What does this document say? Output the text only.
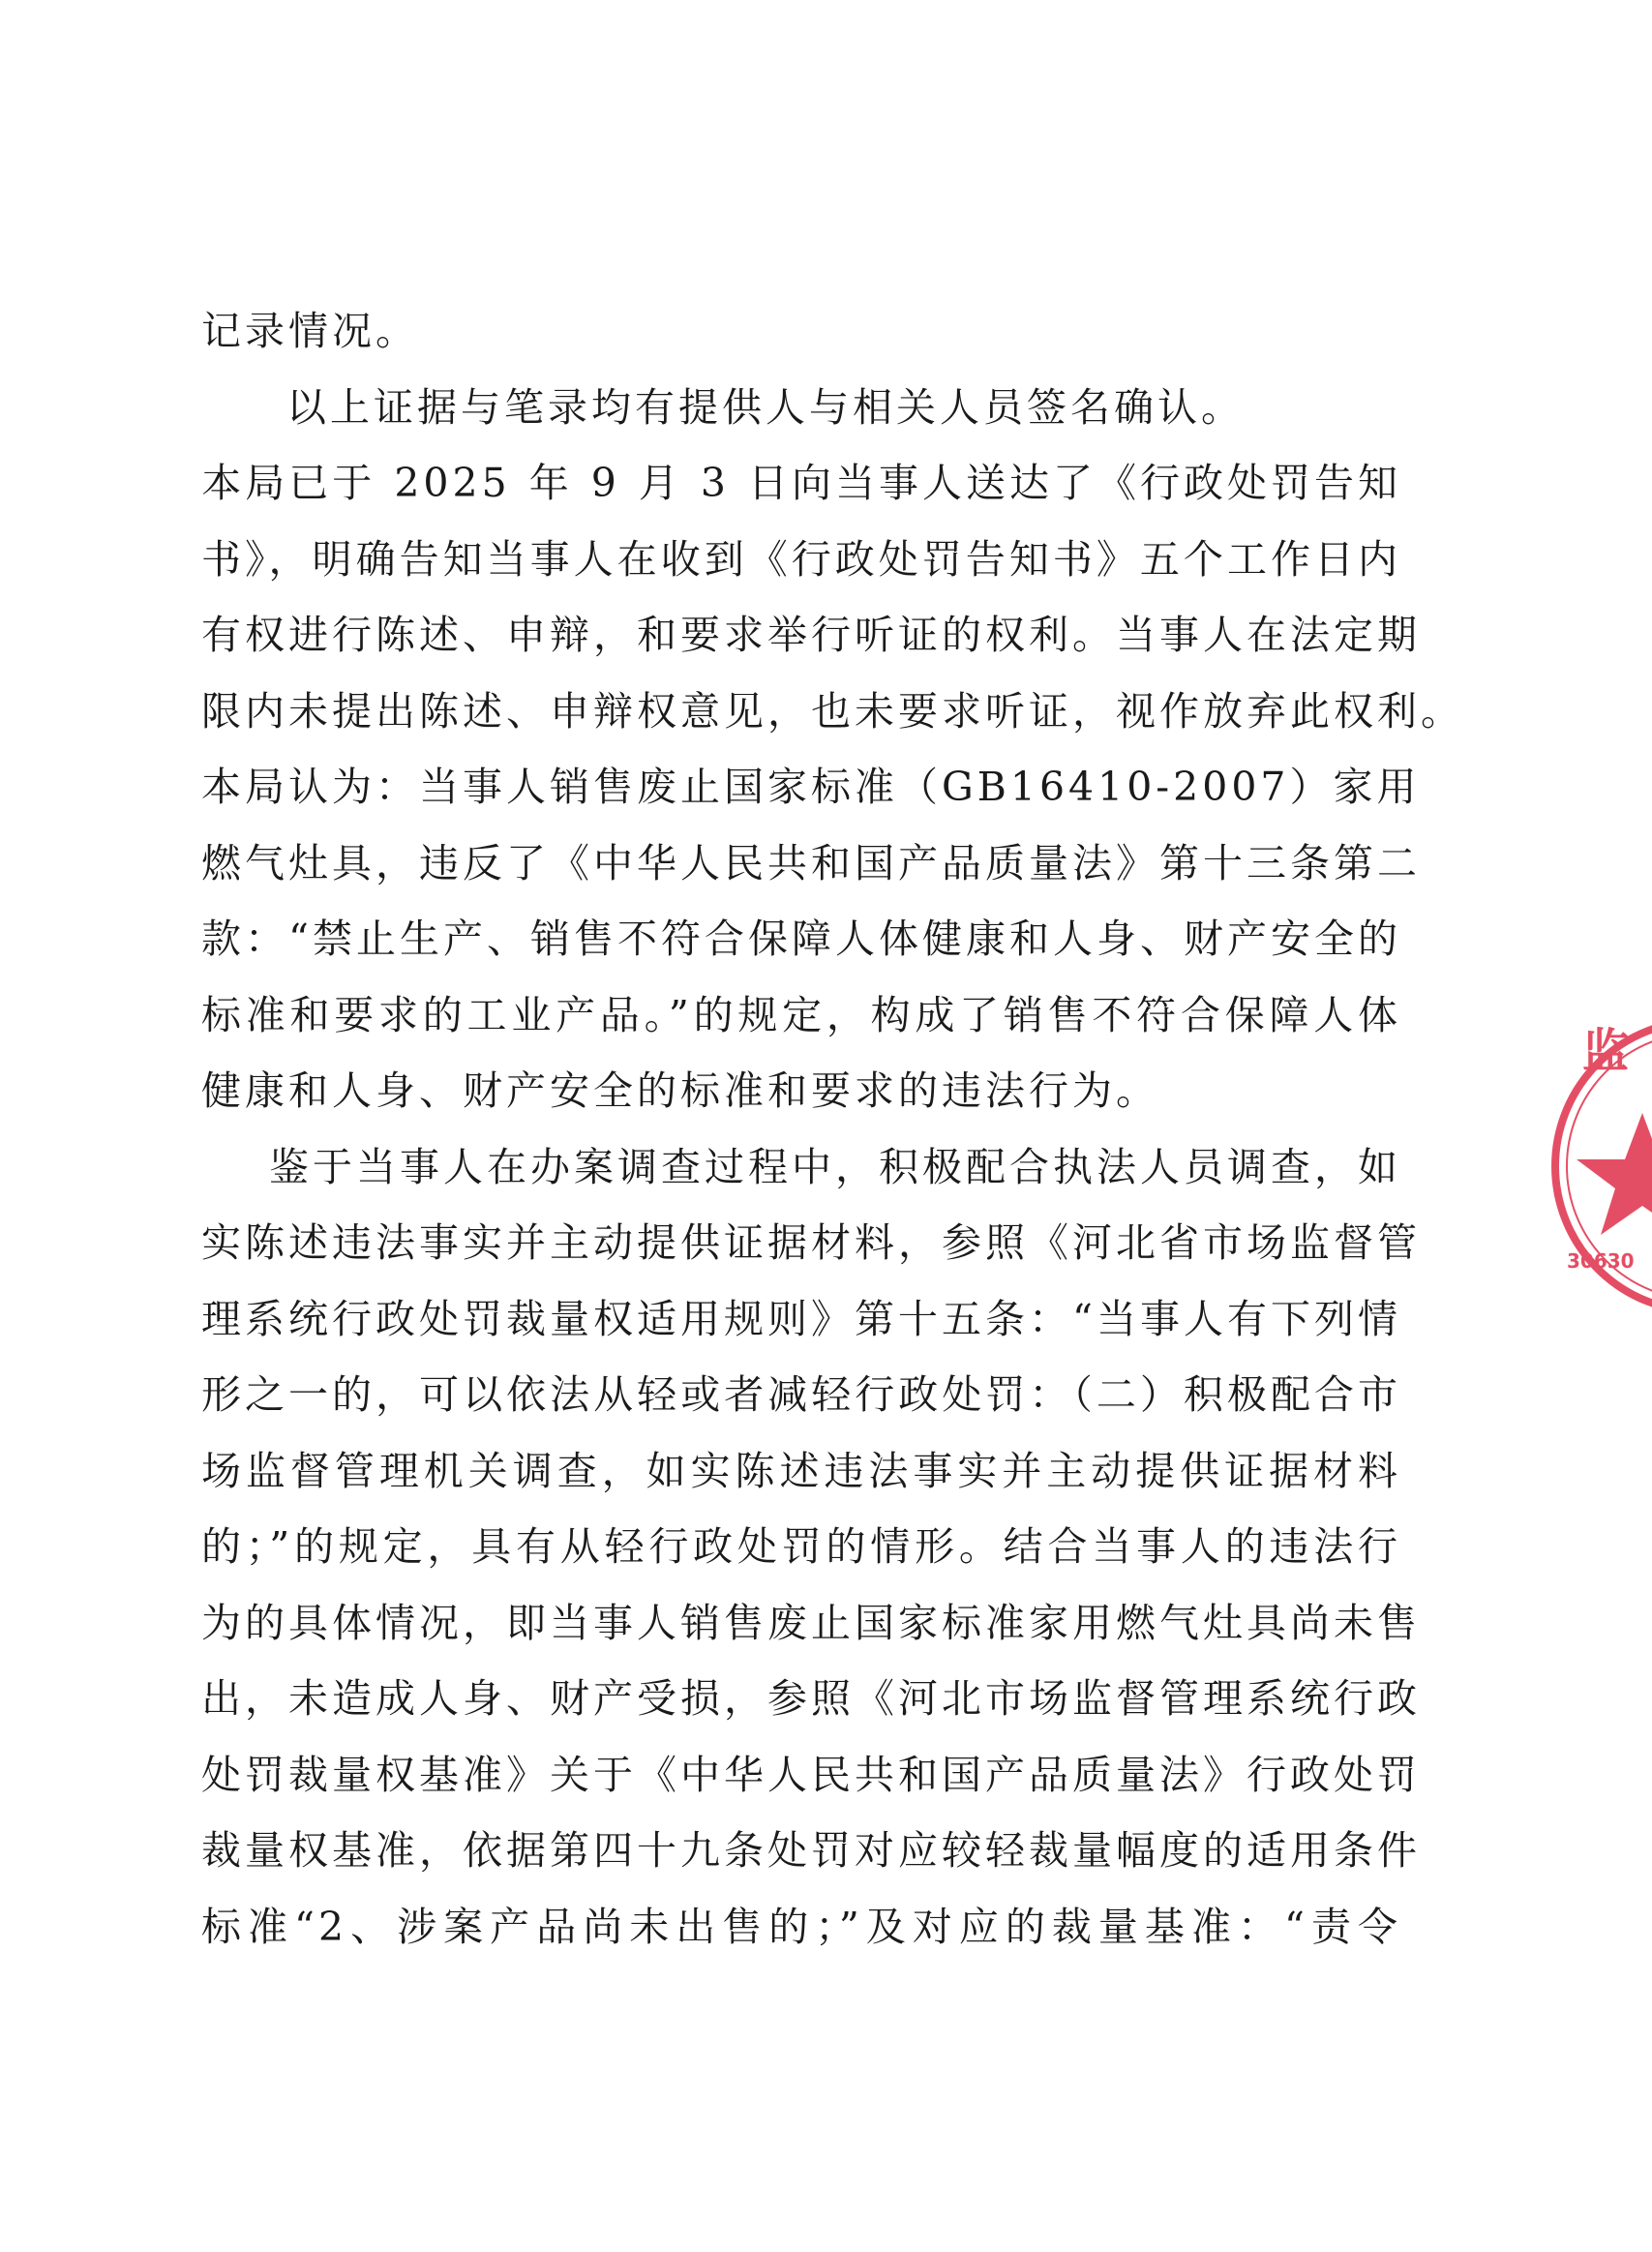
记录情况。
以上证据与笔录均有提供人与相关人员签名确认。
本局已于 2025 年 9 月 3 日向当事人送达了《行政处罚告知
书》，明确告知当事人在收到《行政处罚告知书》五个工作日内
有权进行陈述、申辩，和要求举行听证的权利。当事人在法定期
限内未提出陈述、申辩权意见，也未要求听证，视作放弃此权利。
本局认为：当事人销售废止国家标准（GB16410-2007）家用
燃气灶具，违反了《中华人民共和国产品质量法》第十三条第二
款：“禁止生产、销售不符合保障人体健康和人身、财产安全的
标准和要求的工业产品。”的规定，构成了销售不符合保障人体
健康和人身、财产安全的标准和要求的违法行为。
鉴于当事人在办案调查过程中，积极配合执法人员调查，如
实陈述违法事实并主动提供证据材料，参照《河北省市场监督管
理系统行政处罚裁量权适用规则》第十五条：“当事人有下列情
形之一的，可以依法从轻或者减轻行政处罚：（二）积极配合市
场监督管理机关调查，如实陈述违法事实并主动提供证据材料
的；”的规定，具有从轻行政处罚的情形。结合当事人的违法行
为的具体情况，即当事人销售废止国家标准家用燃气灶具尚未售
出，未造成人身、财产受损，参照《河北市场监督管理系统行政
处罚裁量权基准》关于《中华人民共和国产品质量法》行政处罚
裁量权基准，依据第四十九条处罚对应较轻裁量幅度的适用条件
标准“2、涉案产品尚未出售的；”及对应的裁量基准：“责令
监
30630
